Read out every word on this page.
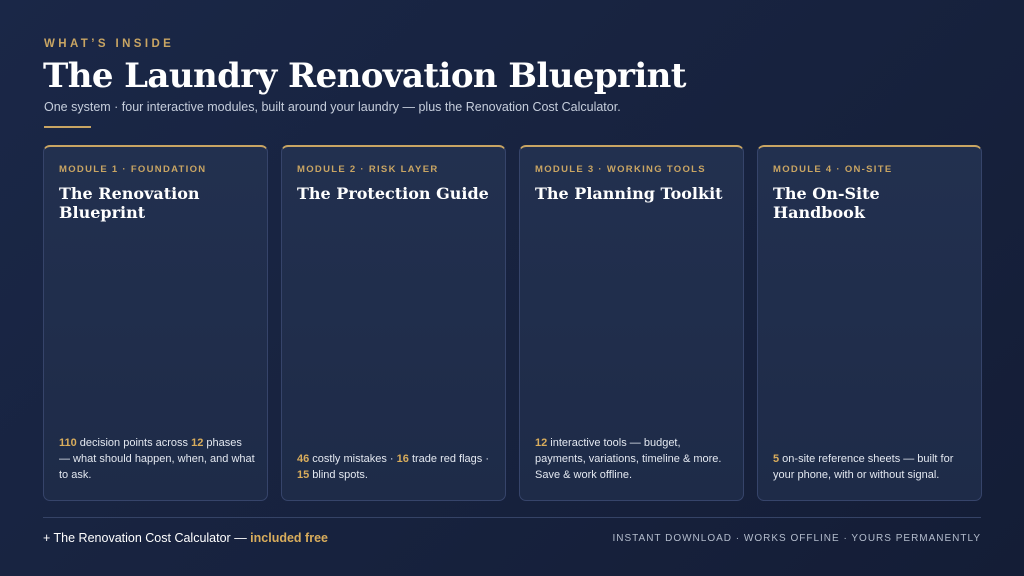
WHAT’S INSIDE
The Laundry Renovation Blueprint

One system · four interactive modules, built around your laundry — plus the Renovation Cost Calculator.

MODULE 1 · FOUNDATION
The Renovation Blueprint
110 decision points across 12 phases — what should happen, when, and what to ask.
MODULE 2 · RISK LAYER
The Protection Guide
46 costly mistakes · 16 trade red flags · 15 blind spots.
MODULE 3 · WORKING TOOLS
The Planning Toolkit
12 interactive tools — budget, payments, variations, timeline & more. Save & work offline.
MODULE 4 · ON-SITE
The On-Site Handbook
5 on-site reference sheets — built for your phone, with or without signal.
+ The Renovation Cost Calculator — included free	INSTANT DOWNLOAD · WORKS OFFLINE · YOURS PERMANENTLY
